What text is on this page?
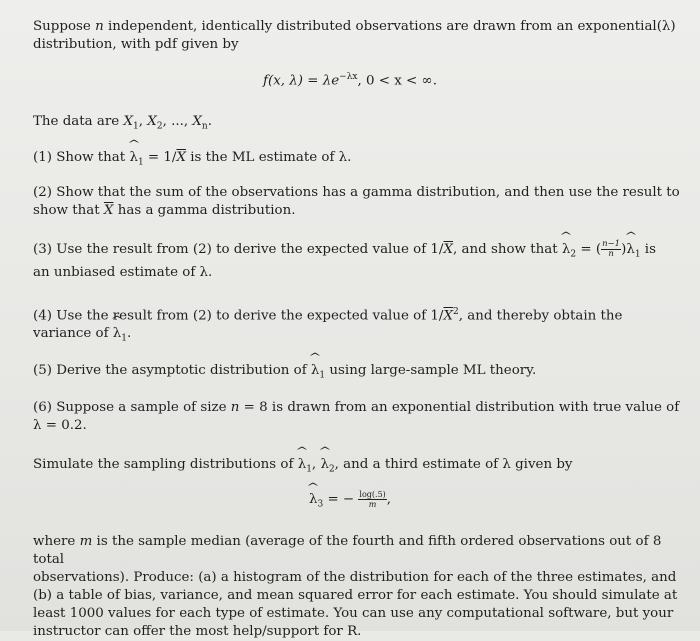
Suppose n independent, identically distributed observations are drawn from an exponential(λ)
distribution, with pdf given by
f(x, $\lambda) = \lambda e^{-\lambda x}$, 0 < x < ∞.
The data are $X_1$, $X_2$, ..., $X_n$.
(1) Show that ^ $\lambda_1 = 1/\overline{X}$ is the ML estimate of λ.
(2) Show that the sum of the observations has a gamma distribution, and then use the result to
show that $\overline{X}$ has a gamma distribution.
(3) Use the result from (2) to derive the expected value of $1/\overline{X}$, and show that ^ $\lambda_2$ = ( $\frac{n-1}{n}$ )^ $\lambda_1$ is
an unbiased estimate of λ.
(4) Use the result from (2) to derive the expected value of $1/\overline{X}^2$, and thereby obtain the
variance of ^ $\lambda_1$.
(5) Derive the asymptotic distribution of ^ $\lambda_1$ using large-sample ML theory.
(6) Suppose a sample of size n = 8 is drawn from an exponential distribution with true value of
λ = 0.2.
Simulate the sampling distributions of ^ $\lambda_1$, ^ $\lambda_2$, and a third estimate of λ given by
^ $\lambda_3$ = − $\frac{\log(.5)}{m}$ ,
where m is the sample median (average of the fourth and fifth ordered observations out of 8 total
observations). Produce: (a) a histogram of the distribution for each of the three estimates, and
(b) a table of bias, variance, and mean squared error for each estimate. You should simulate at
least 1000 values for each type of estimate. You can use any computational software, but your
instructor can offer the most help/support for R.
